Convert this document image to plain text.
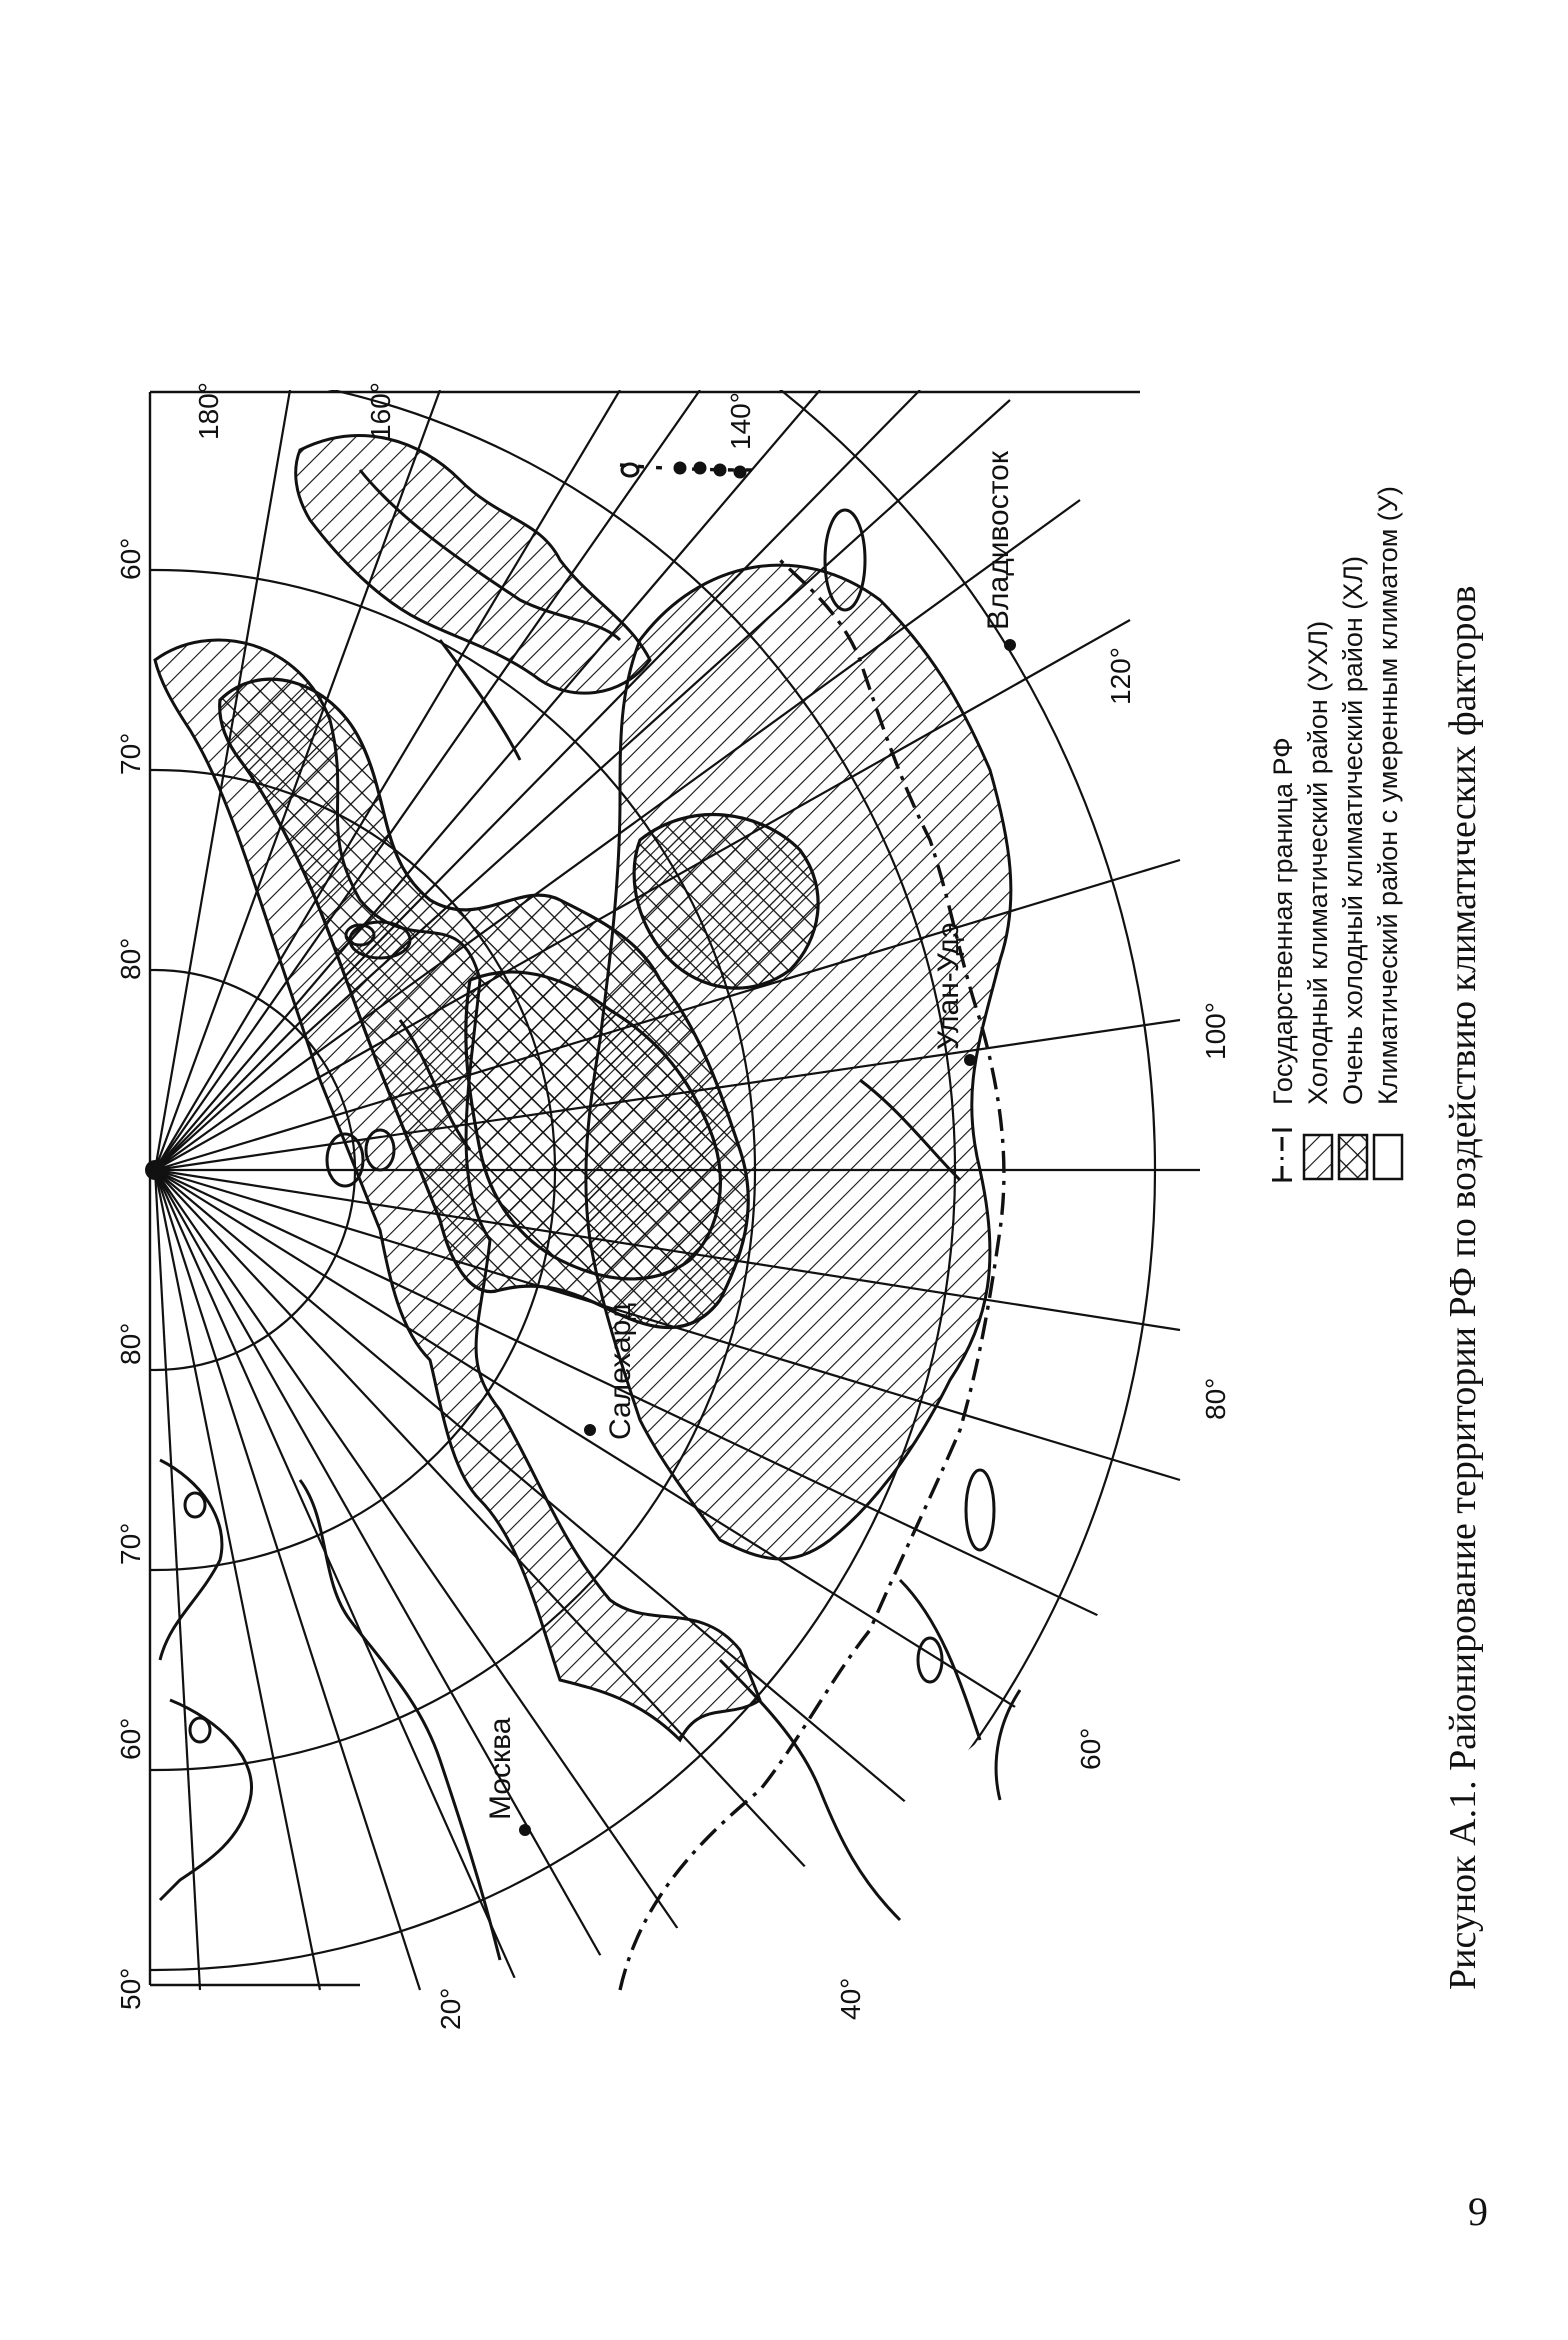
50°
60°
70°
80°
80°
70°
60°
180°	160°	140°
120°
100°
80°
60°
40°
20°
Москва
Салехард
Улан-Удэ
Владивосток
Государственная граница РФ Холодный климатический район (УХЛ) Очень холодный климатический район (ХЛ) Климатический район с умеренным климатом (У) Рисунок А.1. Районирование территории РФ по воздействию климатических факторов
9
